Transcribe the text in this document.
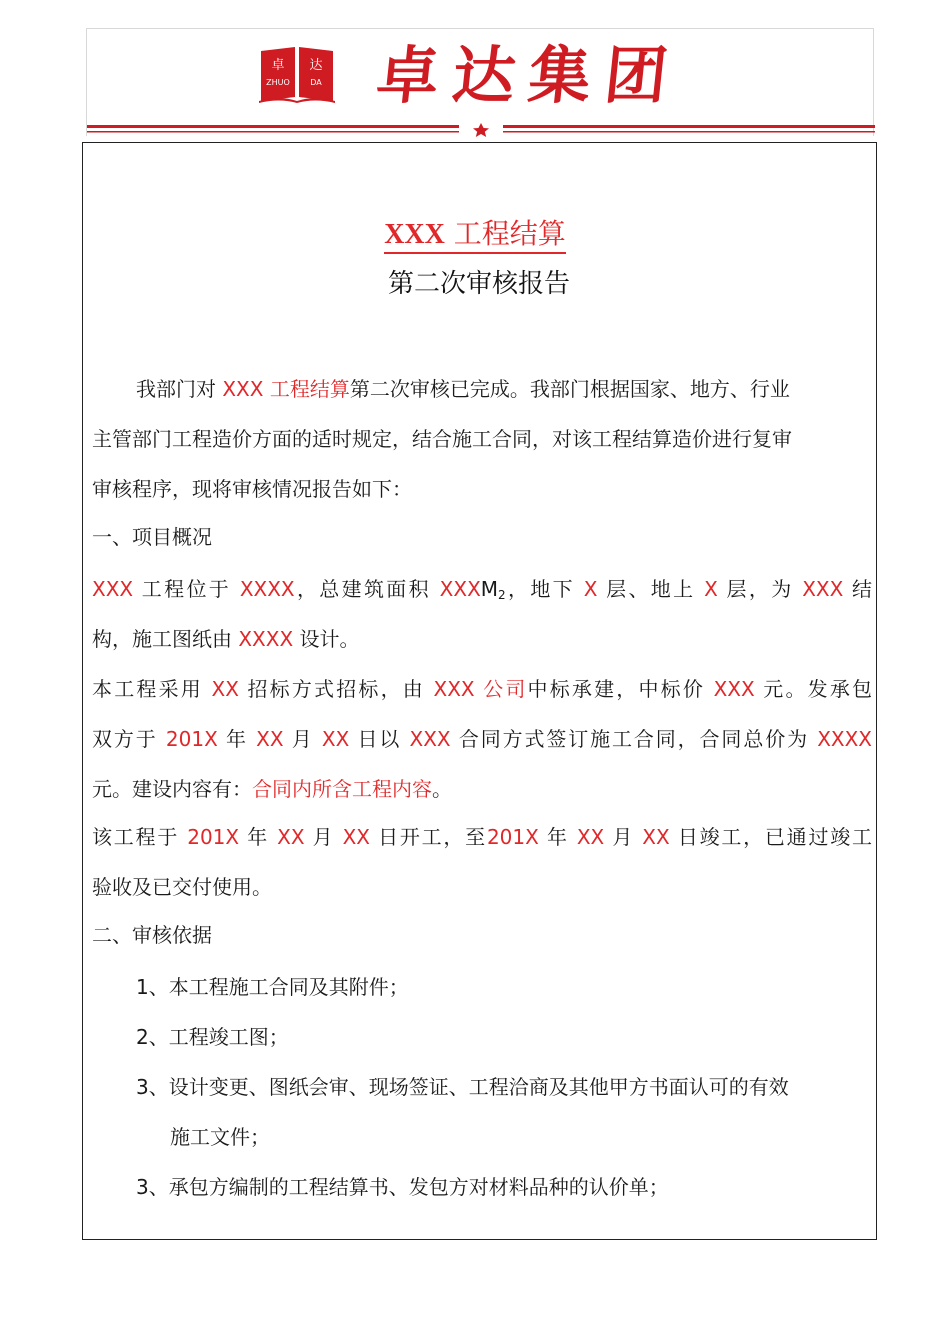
卓 达
ZHUO	DA 卓达集团
XXX 工程结算
第二次审核报告
我部门对 XXX 工程结算第二次审核已完成。我部门根据国家、地方、行业
主管部门工程造价方面的适时规定，结合施工合同，对该工程结算造价进行复审
审核程序，现将审核情况报告如下：
一、项目概况
XXX 工程位于 XXXX，总建筑面积 XXXM2，地下 X 层、地上 X 层，为 XXX 结
构，施工图纸由 XXXX 设计。
本工程采用 XX 招标方式招标，由 XXX 公司中标承建，中标价 XXX 元。发承包
双方于 201X 年 XX 月 XX 日以 XXX 合同方式签订施工合同，合同总价为 XXXX
元。建设内容有：合同内所含工程内容。
该工程于 201X 年 XX 月 XX 日开工，至201X 年 XX 月 XX 日竣工，已通过竣工
验收及已交付使用。
二、审核依据
1、本工程施工合同及其附件；
2、工程竣工图；
3、设计变更、图纸会审、现场签证、工程洽商及其他甲方书面认可的有效
施工文件；
3、承包方编制的工程结算书、发包方对材料品种的认价单；
